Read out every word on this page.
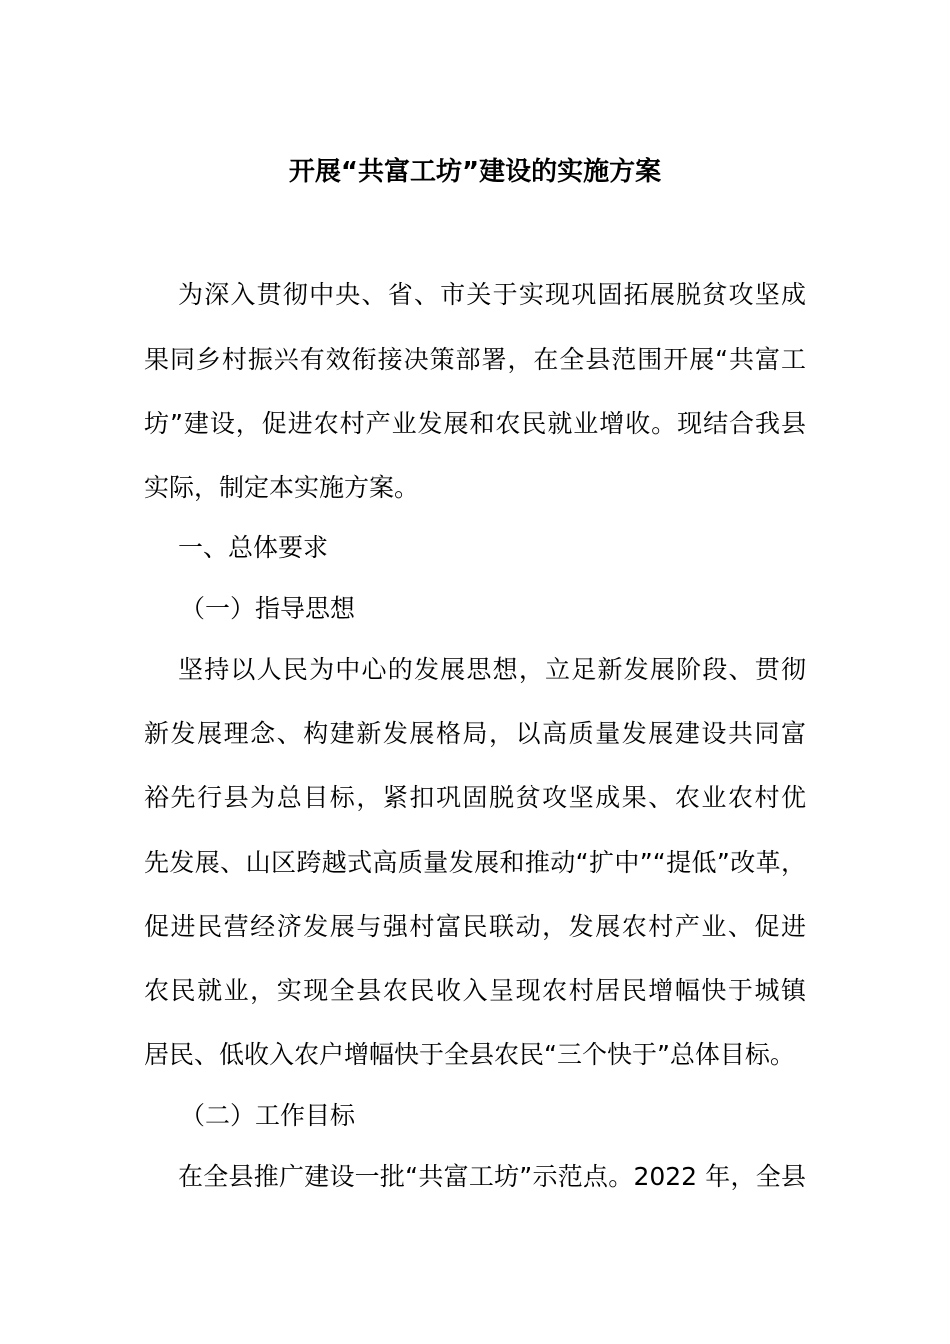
开展“共富工坊”建设的实施方案
为深入贯彻中央、省、市关于实现巩固拓展脱贫攻坚成
果同乡村振兴有效衔接决策部署，在全县范围开展“共富工
坊”建设，促进农村产业发展和农民就业增收。现结合我县
实际，制定本实施方案。
一、总体要求
（一）指导思想
坚持以人民为中心的发展思想，立足新发展阶段、贯彻
新发展理念、构建新发展格局，以高质量发展建设共同富
裕先行县为总目标，紧扣巩固脱贫攻坚成果、农业农村优
先发展、山区跨越式高质量发展和推动“扩中”“提低”改革，
促进民营经济发展与强村富民联动，发展农村产业、促进
农民就业，实现全县农民收入呈现农村居民增幅快于城镇
居民、低收入农户增幅快于全县农民“三个快于”总体目标。
（二）工作目标
在全县推广建设一批“共富工坊”示范点。2022 年，全县
